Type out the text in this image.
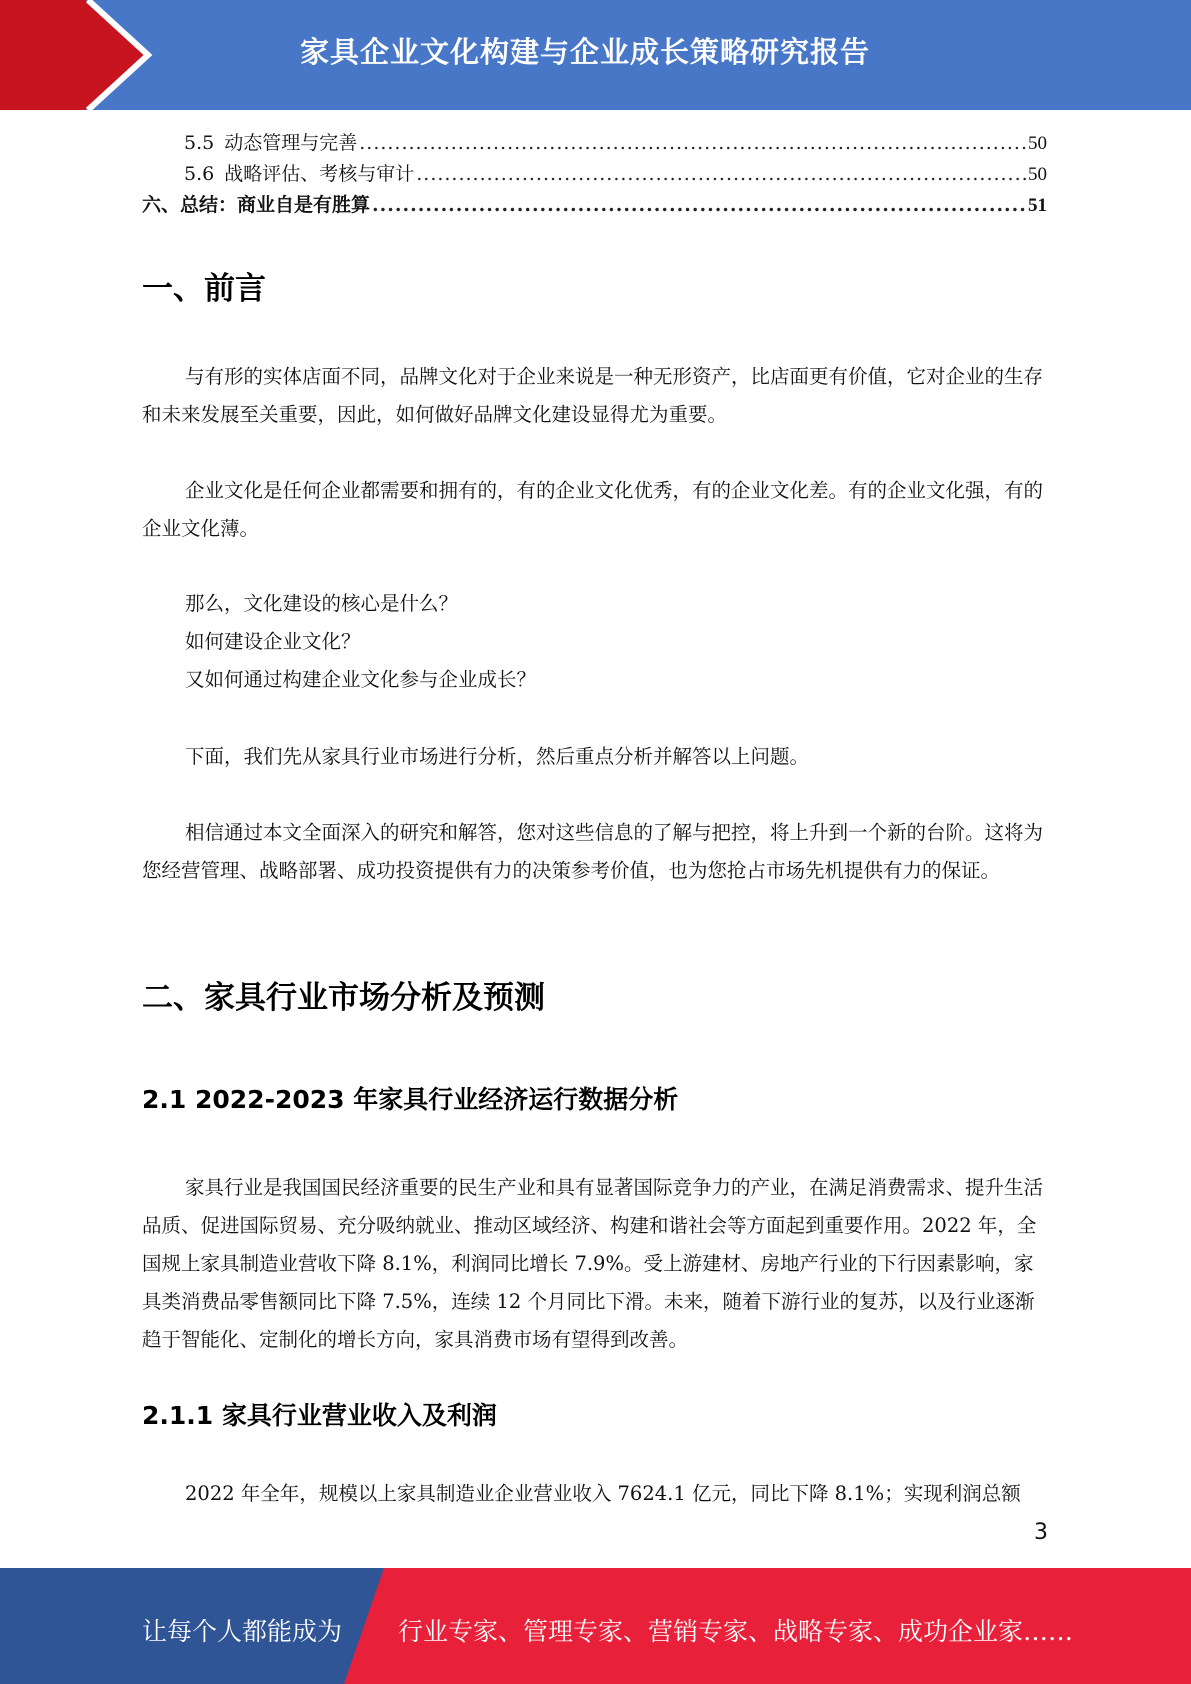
家具企业文化构建与企业成长策略研究报告
5.5 动态管理与完善 .....	50
5.6 战略评估、考核与审计 .....	50
六、 总结：商业自是有胜算 .....	51
一、前言

与有形的实体店面不同，品牌文化对于企业来说是一种无形资产，比店面更有价值，它对企业的生存和未来发展至关重要，因此，如何做好品牌文化建设显得尤为重要。

企业文化是任何企业都需要和拥有的，有的企业文化优秀，有的企业文化差。有的企业文化强，有的企业文化薄。

那么，文化建设的核心是什么？
如何建设企业文化？
又如何通过构建企业文化参与企业成长？

下面，我们先从家具行业市场进行分析，然后重点分析并解答以上问题。

相信通过本文全面深入的研究和解答，您对这些信息的了解与把控，将上升到一个新的台阶。这将为您经营管理、战略部署、成功投资提供有力的决策参考价值，也为您抢占市场先机提供有力的保证。

二、家具行业市场分析及预测
2.1 2022-2023 年家具行业经济运行数据分析

家具行业是我国国民经济重要的民生产业和具有显著国际竞争力的产业，在满足消费需求、提升生活品质、促进国际贸易、充分吸纳就业、推动区域经济、构建和谐社会等方面起到重要作用。2022 年，全国规上家具制造业营收下降 8.1%，利润同比增长 7.9%。受上游建材、房地产行业的下行因素影响，家具类消费品零售额同比下降 7.5%，连续 12 个月同比下滑。未来，随着下游行业的复苏，以及行业逐渐趋于智能化、定制化的增长方向，家具消费市场有望得到改善。

2.1.1 家具行业营业收入及利润

2022 年全年，规模以上家具制造业企业营业收入 7624.1 亿元，同比下降 8.1%；实现利润总额

3
让每个人都能成为 行业专家、管理专家、营销专家、战略专家、成功企业家……
